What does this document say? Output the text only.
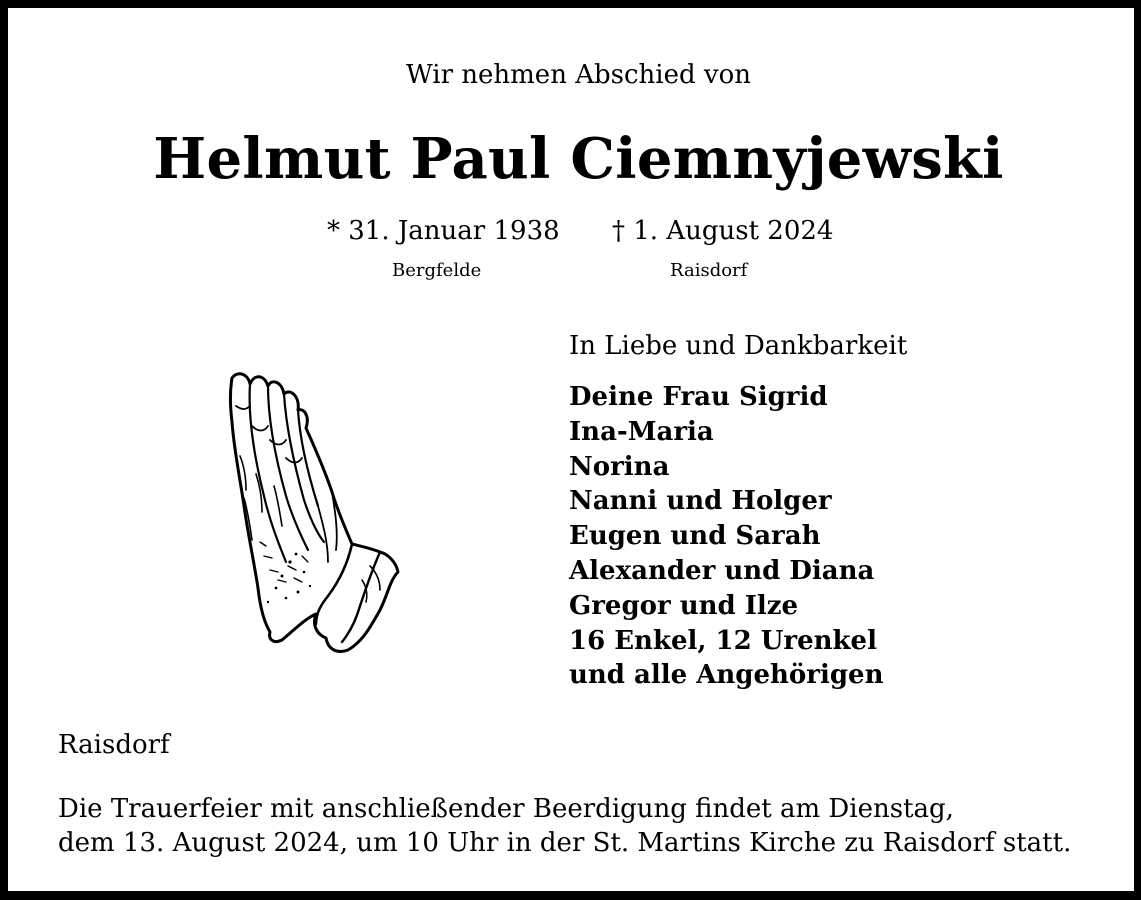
Wir nehmen Abschied von
Helmut Paul Ciemnyjewski
* 31. Januar 1938 † 1. August 2024
Bergfelde	Raisdorf
In Liebe und Dankbarkeit
Deine Frau Sigrid
Ina-Maria
Norina
Nanni und Holger
Eugen und Sarah
Alexander und Diana
Gregor und Ilze
16 Enkel, 12 Urenkel
und alle Angehörigen
Raisdorf
Die Trauerfeier mit anschließender Beerdigung findet am Dienstag,
dem 13. August 2024, um 10 Uhr in der St. Martins Kirche zu Raisdorf statt.
